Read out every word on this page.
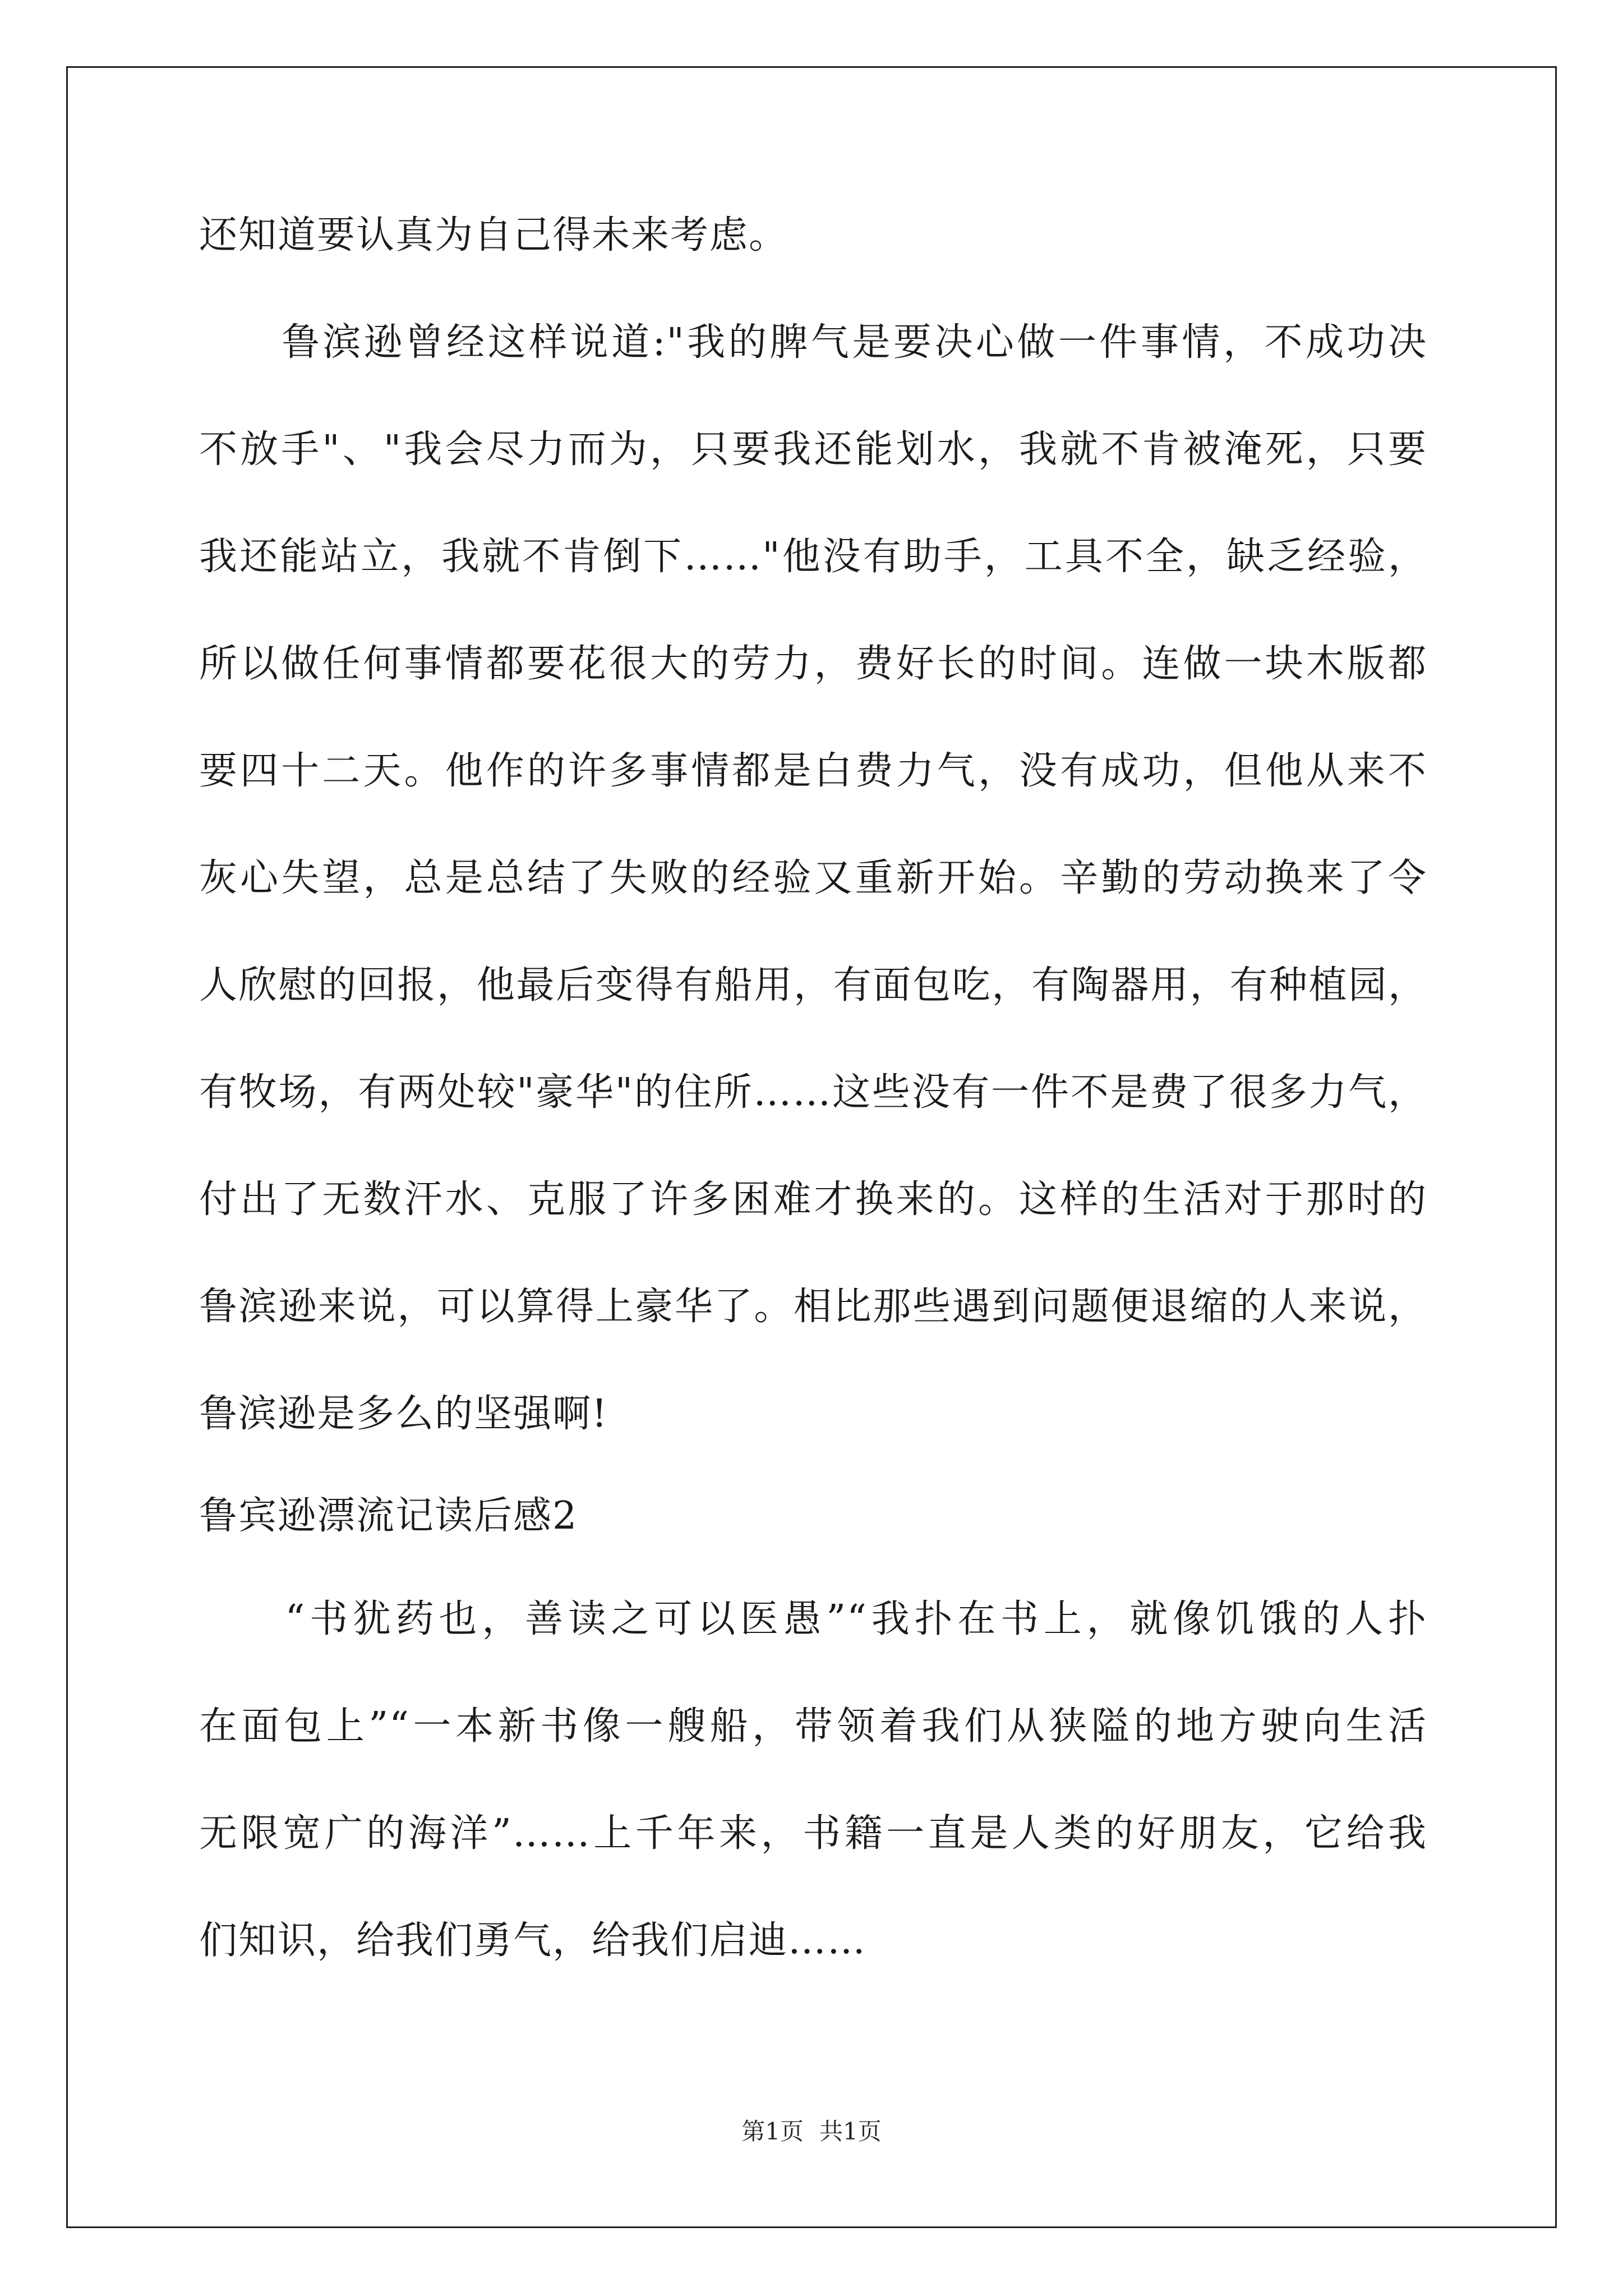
还知道要认真为自己得未来考虑。
　　鲁滨逊曾经这样说道:"我的脾气是要决心做一件事情，不成功决
不放手"、"我会尽力而为，只要我还能划水，我就不肯被淹死，只要
我还能站立，我就不肯倒下……"他没有助手，工具不全，缺乏经验，
所以做任何事情都要花很大的劳力，费好长的时间。连做一块木版都
要四十二天。他作的许多事情都是白费力气，没有成功，但他从来不
灰心失望，总是总结了失败的经验又重新开始。辛勤的劳动换来了令
人欣慰的回报，他最后变得有船用，有面包吃，有陶器用，有种植园，
有牧场，有两处较"豪华"的住所……这些没有一件不是费了很多力气，
付出了无数汗水、克服了许多困难才换来的。这样的生活对于那时的
鲁滨逊来说，可以算得上豪华了。相比那些遇到问题便退缩的人来说，
鲁滨逊是多么的坚强啊!
鲁宾逊漂流记读后感2
　　“书犹药也，善读之可以医愚”“我扑在书上，就像饥饿的人扑
在面包上”“一本新书像一艘船，带领着我们从狭隘的地方驶向生活
无限宽广的海洋”……上千年来，书籍一直是人类的好朋友，它给我
们知识，给我们勇气，给我们启迪……
第1页 共1页
